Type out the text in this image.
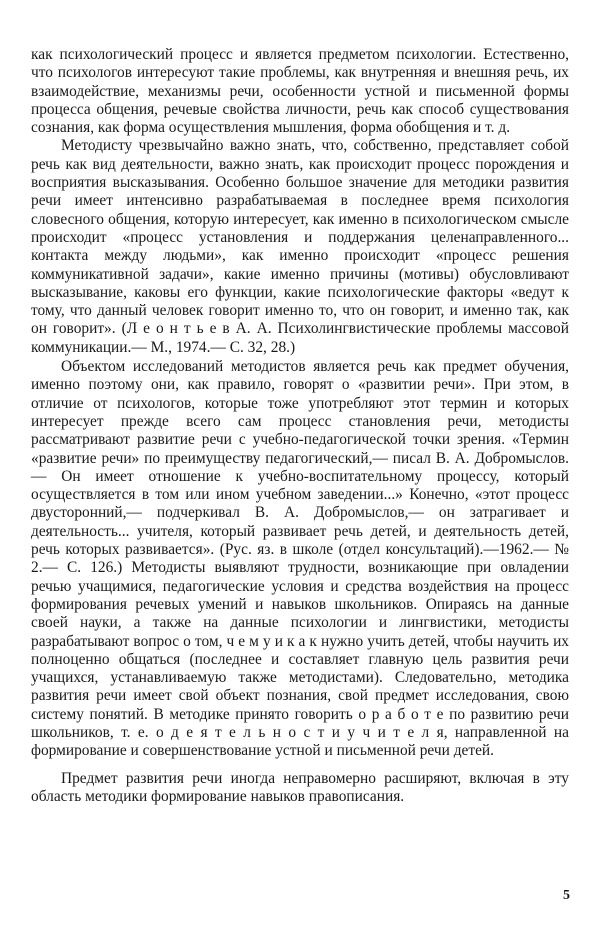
как психологический процесс и является предметом психологии. Естественно, что психологов интересуют такие проблемы, как внутренняя и внешняя речь, их взаимодействие, механизмы речи, особенности устной и письменной формы процесса общения, речевые свойства личности, речь как способ существования сознания, как форма осуществления мышления, форма обобщения и т. д.

Методисту чрезвычайно важно знать, что, собственно, представляет собой речь как вид деятельности, важно знать, как происходит процесс порождения и восприятия высказывания. Особенно большое значение для методики развития речи имеет интенсивно разрабатываемая в последнее время психология словесного общения, которую интересует, как именно в психологическом смысле происходит «процесс установления и поддержания целенаправленного... контакта между людьми», как именно происходит «процесс решения коммуникативной задачи», какие именно причины (мотивы) обусловливают высказывание, каковы его функции, какие психологические факторы «ведут к тому, что данный человек говорит именно то, что он говорит, и именно так, как он говорит». (Л е о н т ь е в А. А. Психолингвистические проблемы массовой коммуникации.— М., 1974.— С. 32, 28.)

Объектом исследований методистов является речь как предмет обучения, именно поэтому они, как правило, говорят о «развитии речи». При этом, в отличие от психологов, которые тоже употребляют этот термин и которых интересует прежде всего сам процесс становления речи, методисты рассматривают развитие речи с учебно-педагогической точки зрения. «Термин «развитие речи» по преимуществу педагогический,— писал В. А. Добромыслов.— Он имеет отношение к учебно-воспитательному процессу, который осуществляется в том или ином учебном заведении...» Конечно, «этот процесс двусторонний,— подчеркивал В. А. Добромыслов,— он затрагивает и деятельность... учителя, который развивает речь детей, и деятельность детей, речь которых развивается». (Рус. яз. в школе (отдел консультаций).—1962.— № 2.— С. 126.) Методисты выявляют трудности, возникающие при овладении речью учащимися, педагогические условия и средства воздействия на процесс формирования речевых умений и навыков школьников. Опираясь на данные своей науки, а также на данные психологии и лингвистики, методисты разрабатывают вопрос о том, ч е м у и к а к нужно учить детей, чтобы научить их полноценно общаться (последнее и составляет главную цель развития речи учащихся, устанавливаемую также методистами). Следовательно, методика развития речи имеет свой объект познания, свой предмет исследования, свою систему понятий. В методике принято говорить о р а б о т е по развитию речи школьников, т. е. о д е я т е л ь н о с т и у ч и т е л я, направленной на формирование и совершенствование устной и письменной речи детей.

Предмет развития речи иногда неправомерно расширяют, включая в эту область методики формирование навыков правописания.

5
